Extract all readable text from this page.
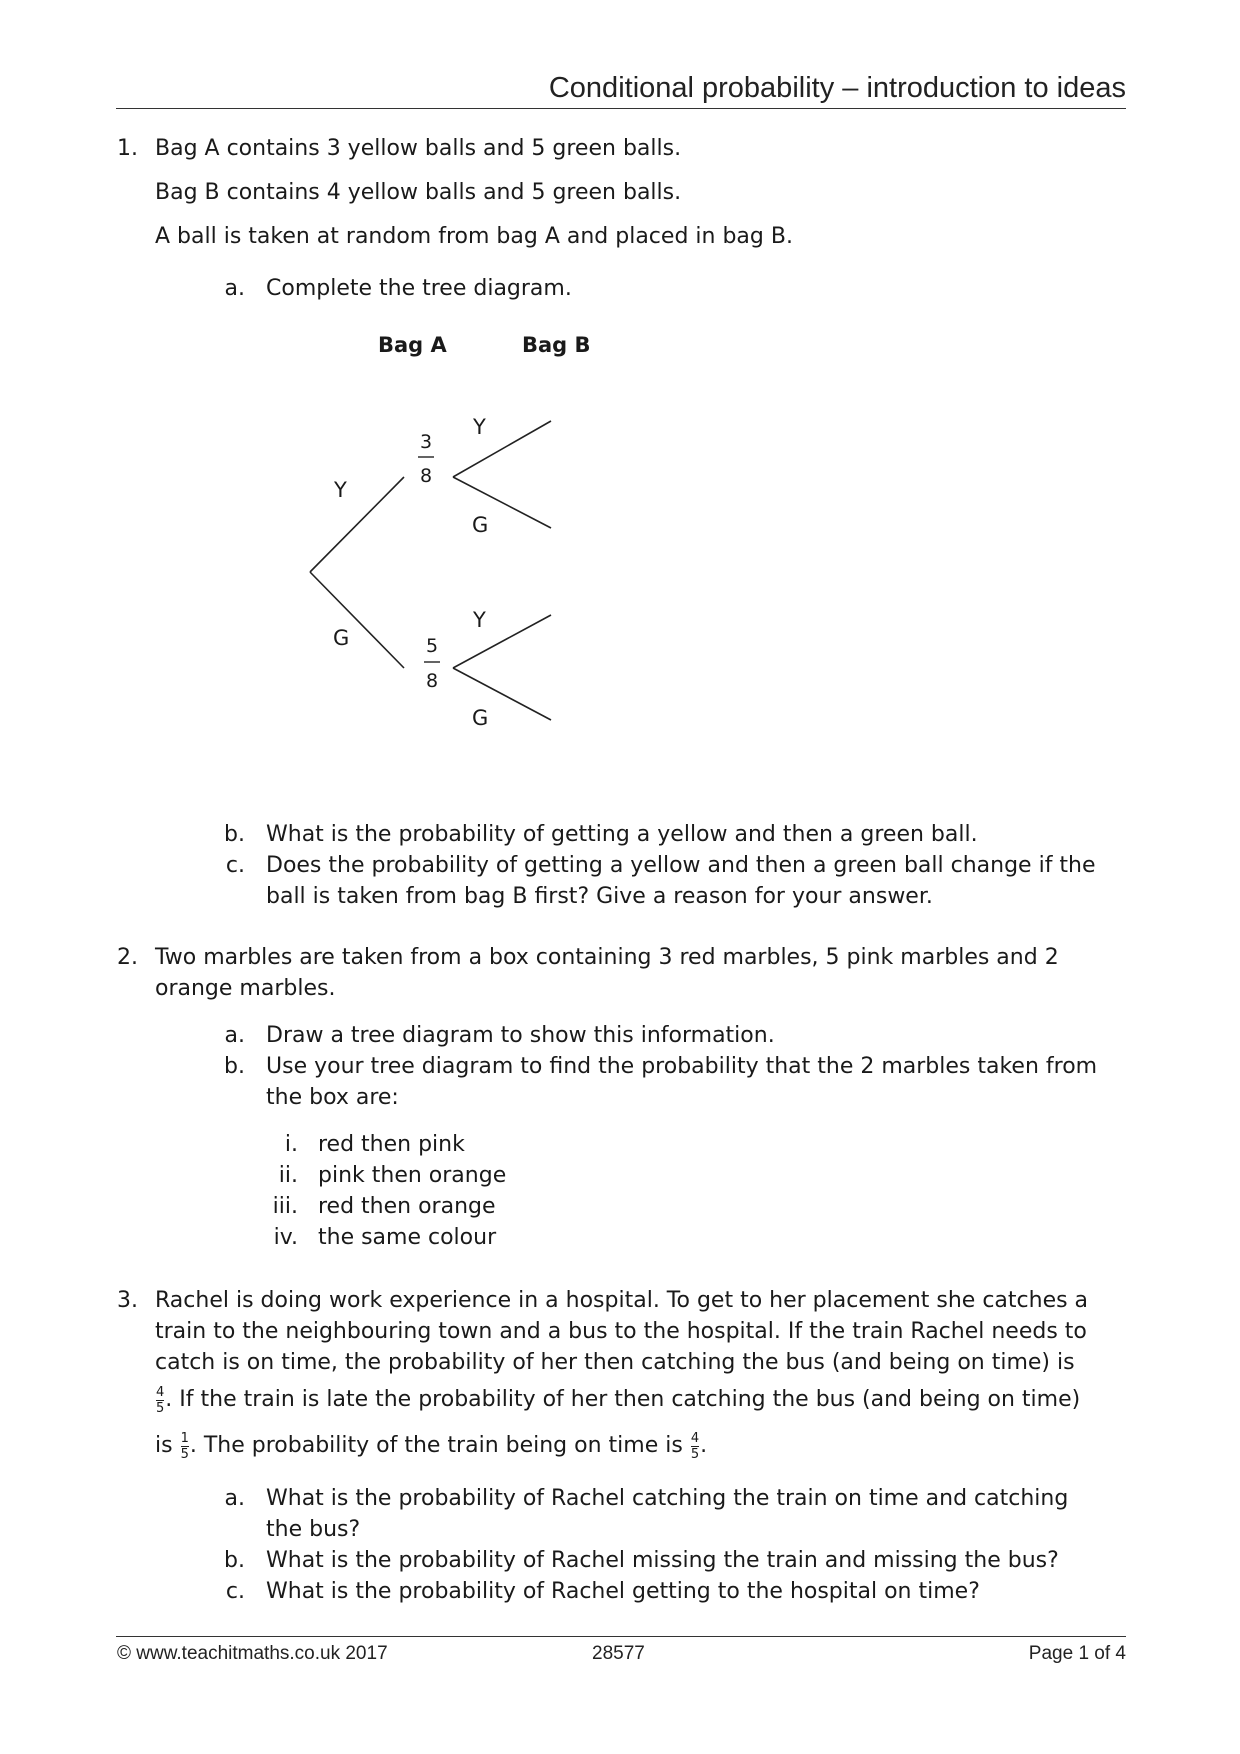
Conditional probability – introduction to ideas
1. Bag A contains 3 yellow balls and 5 green balls.
Bag B contains 4 yellow balls and 5 green balls.
A ball is taken at random from bag A and placed in bag B.
a. Complete the tree diagram.
Bag A	Bag B
Y
G
3
8
5
8
Y
G
Y
G
b. What is the probability of getting a yellow and then a green ball.
c. Does the probability of getting a yellow and then a green ball change if the
ball is taken from bag B first? Give a reason for your answer.
2. Two marbles are taken from a box containing 3 red marbles, 5 pink marbles and 2
orange marbles.
a. Draw a tree diagram to show this information.
b. Use your tree diagram to find the probability that the 2 marbles taken from
the box are:
i. red then pink
ii. pink then orange
iii. red then orange
iv. the same colour
3. Rachel is doing work experience in a hospital. To get to her placement she catches a
train to the neighbouring town and a bus to the hospital. If the train Rachel needs to
catch is on time, the probability of her then catching the bus (and being on time) is
$\frac{4}{5}$. If the train is late the probability of her then catching the bus (and being on time)
is $\frac{1}{5}$. The probability of the train being on time is $\frac{4}{5}$.
a. What is the probability of Rachel catching the train on time and catching
the bus?
b. What is the probability of Rachel missing the train and missing the bus?
c. What is the probability of Rachel getting to the hospital on time?
© www.teachitmaths.co.uk 2017	28577	Page 1 of 4
